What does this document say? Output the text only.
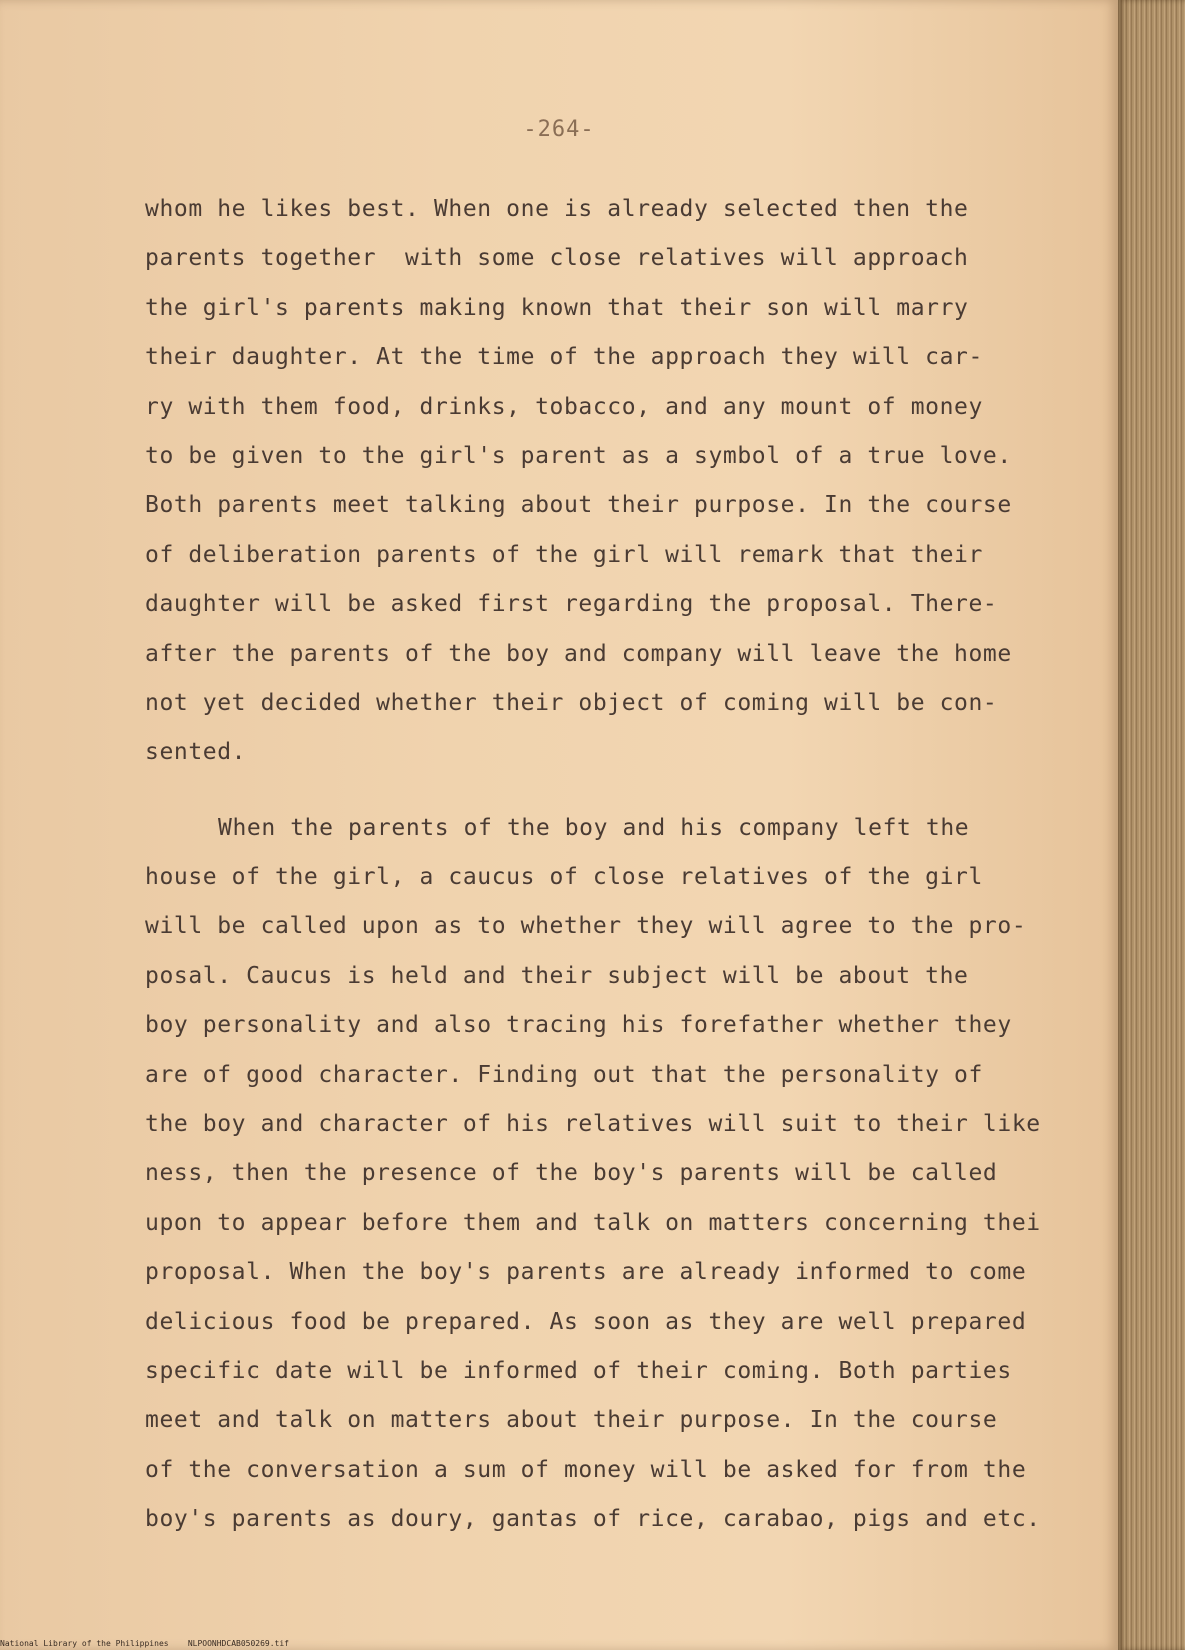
-264-
whom he likes best. When one is already selected then the
parents together  with some close relatives will approach
the girl's parents making known that their son will marry
their daughter. At the time of the approach they will car-
ry with them food, drinks, tobacco, and any mount of money
to be given to the girl's parent as a symbol of a true love.
Both parents meet talking about their purpose. In the course
of deliberation parents of the girl will remark that their
daughter will be asked first regarding the proposal. There-
after the parents of the boy and company will leave the home
not yet decided whether their object of coming will be con-
sented.
When the parents of the boy and his company left the
house of the girl, a caucus of close relatives of the girl
will be called upon as to whether they will agree to the pro-
posal. Caucus is held and their subject will be about the
boy personality and also tracing his forefather whether they
are of good character. Finding out that the personality of
the boy and character of his relatives will suit to their like
ness, then the presence of the boy's parents will be called
upon to appear before them and talk on matters concerning thei
proposal. When the boy's parents are already informed to come
delicious food be prepared. As soon as they are well prepared
specific date will be informed of their coming. Both parties
meet and talk on matters about their purpose. In the course
of the conversation a sum of money will be asked for from the
boy's parents as doury, gantas of rice, carabao, pigs and etc.
National Library of the Philippines NLPOONHDCAB050269.tif
